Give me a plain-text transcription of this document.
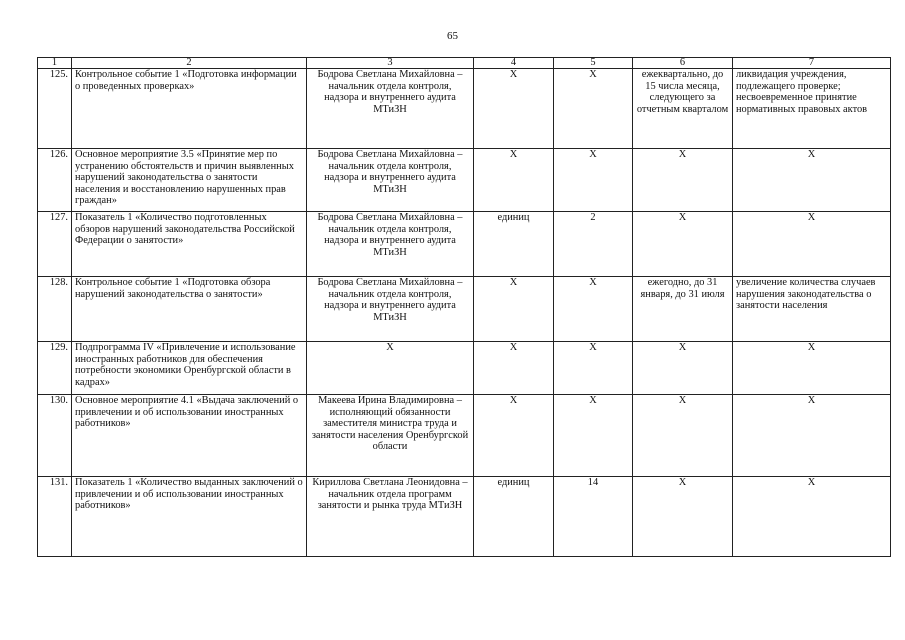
65
1	2	3	4	5	6	7
125.	Контрольное событие 1 «Подготовка информации о проведенных проверках»	Бодрова Светлана Михайловна – начальник отдела контроля, надзора и внутреннего аудита МТиЗН	Х	Х	ежеквартально, до 15 числа месяца, следующего за отчетным кварталом	ликвидация учреждения, подлежащего проверке; несвоевременное принятие нормативных правовых актов
126.	Основное мероприятие 3.5 «Принятие мер по устранению обстоятельств и причин выявленных нарушений законодательства о занятости населения и восстановлению нарушенных прав граждан»	Бодрова Светлана Михайловна – начальник отдела контроля, надзора и внутреннего аудита МТиЗН	Х	Х	Х	Х
127.	Показатель 1 «Количество подготовленных обзоров нарушений законодательства Российской Федерации о занятости»	Бодрова Светлана Михайловна – начальник отдела контроля, надзора и внутреннего аудита МТиЗН	единиц	2	Х	Х
128.	Контрольное событие 1 «Подготовка обзора нарушений законодательства о занятости»	Бодрова Светлана Михайловна – начальник отдела контроля, надзора и внутреннего аудита МТиЗН	Х	Х	ежегодно, до 31 января, до 31 июля	увеличение количества случаев нарушения законодательства о занятости населения
129.	Подпрограмма IV «Привлечение и использование иностранных работников для обеспечения потребности экономики Оренбургской области в кадрах»	Х	Х	Х	Х	Х
130.	Основное мероприятие 4.1 «Выдача заключений о привлечении и об использовании иностранных работников»	Макеева Ирина Владимировна – исполняющий обязанности заместителя министра труда и занятости населения Оренбургской области	Х	Х	Х	Х
131.	Показатель 1 «Количество выданных заключений о привлечении и об использовании иностранных работников»	Кириллова Светлана Леонидовна – начальник отдела программ занятости и рынка труда МТиЗН	единиц	14	Х	Х
